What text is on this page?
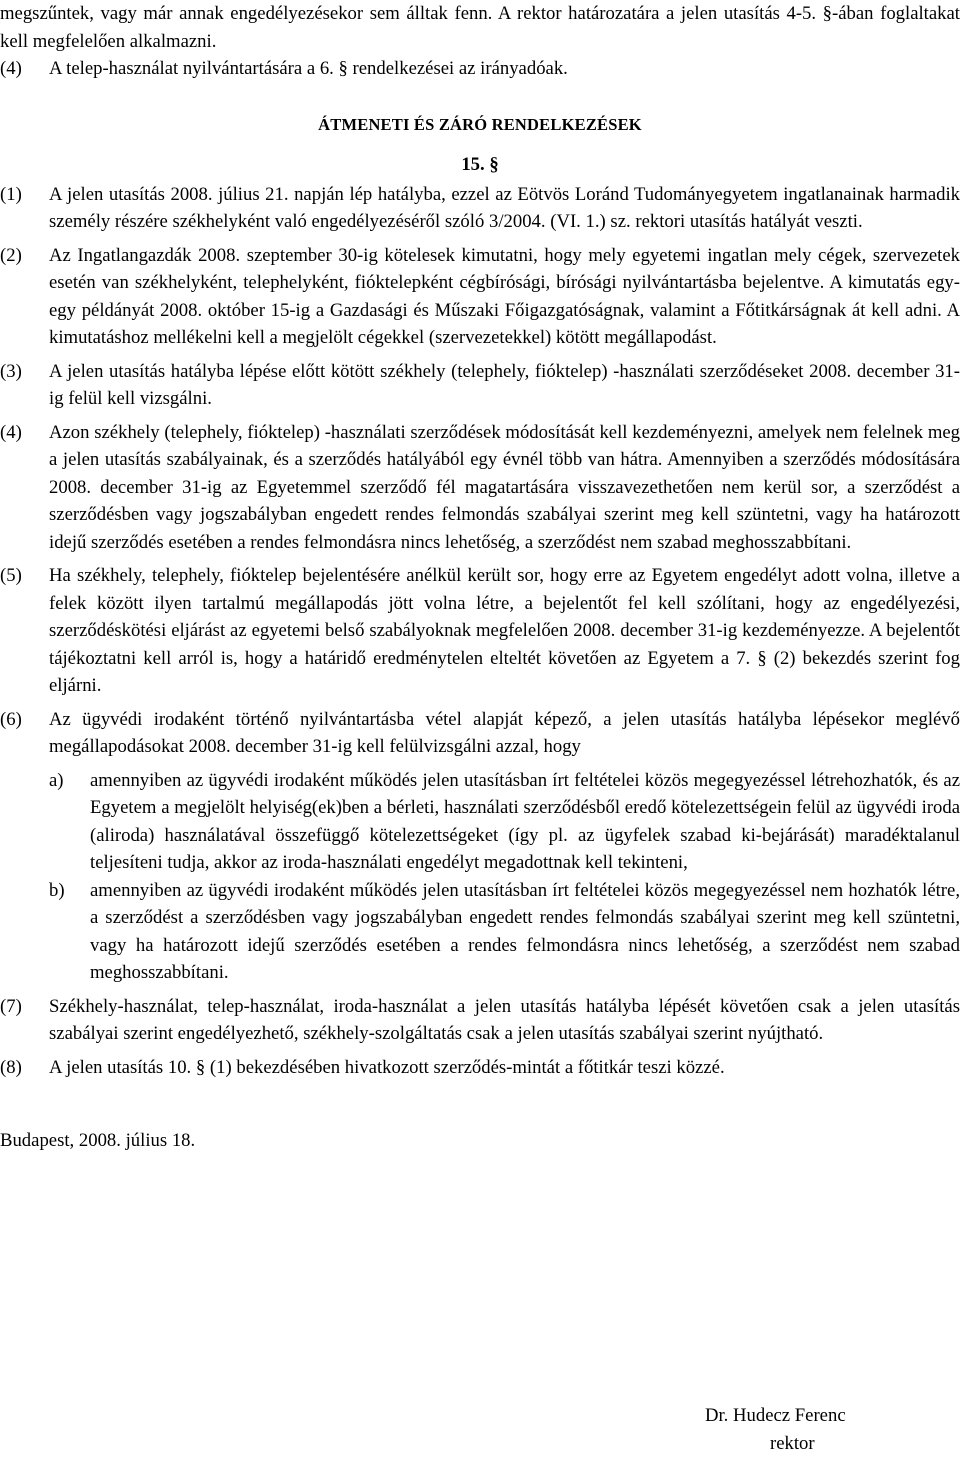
megszűntek, vagy már annak engedélyezésekor sem álltak fenn. A rektor határozatára a jelen utasítás 4-5. §-ában foglaltakat kell megfelelően alkalmazni.

(4) A telep-használat nyilvántartására a 6. § rendelkezései az irányadóak.
ÁTMENETI ÉS ZÁRÓ RENDELKEZÉSEK
15. §
(1) A jelen utasítás 2008. július 21. napján lép hatályba, ezzel az Eötvös Loránd Tudományegyetem ingatlanainak harmadik személy részére székhelyként való engedélyezéséről szóló 3/2004. (VI. 1.) sz. rektori utasítás hatályát veszti.
(2) Az Ingatlangazdák 2008. szeptember 30-ig kötelesek kimutatni, hogy mely egyetemi ingatlan mely cégek, szervezetek esetén van székhelyként, telephelyként, fióktelepként cégbírósági, bírósági nyilvántartásba bejelentve. A kimutatás egy-egy példányát 2008. október 15-ig a Gazdasági és Műszaki Főigazgatóságnak, valamint a Főtitkárságnak át kell adni. A kimutatáshoz mellékelni kell a megjelölt cégekkel (szervezetekkel) kötött megállapodást.
(3) A jelen utasítás hatályba lépése előtt kötött székhely (telephely, fióktelep) -használati szerződéseket 2008. december 31-ig felül kell vizsgálni.
(4) Azon székhely (telephely, fióktelep) -használati szerződések módosítását kell kezdeményezni, amelyek nem felelnek meg a jelen utasítás szabályainak, és a szerződés hatályából egy évnél több van hátra. Amennyiben a szerződés módosítására 2008. december 31-ig az Egyetemmel szerződő fél magatartására visszavezethetően nem kerül sor, a szerződést a szerződésben vagy jogszabályban engedett rendes felmondás szabályai szerint meg kell szüntetni, vagy ha határozott idejű szerződés esetében a rendes felmondásra nincs lehetőség, a szerződést nem szabad meghosszabbítani.
(5) Ha székhely, telephely, fióktelep bejelentésére anélkül került sor, hogy erre az Egyetem engedélyt adott volna, illetve a felek között ilyen tartalmú megállapodás jött volna létre, a bejelentőt fel kell szólítani, hogy az engedélyezési, szerződéskötési eljárást az egyetemi belső szabályoknak megfelelően 2008. december 31-ig kezdeményezze. A bejelentőt tájékoztatni kell arról is, hogy a határidő eredménytelen elteltét követően az Egyetem a 7. § (2) bekezdés szerint fog eljárni.
(6) Az ügyvédi irodaként történő nyilvántartásba vétel alapját képező, a jelen utasítás hatályba lépésekor meglévő megállapodásokat 2008. december 31-ig kell felülvizsgálni azzal, hogy
a) amennyiben az ügyvédi irodaként működés jelen utasításban írt feltételei közös megegyezéssel létrehozhatók, és az Egyetem a megjelölt helyiség(ek)ben a bérleti, használati szerződésből eredő kötelezettségein felül az ügyvédi iroda (aliroda) használatával összefüggő kötelezettségeket (így pl. az ügyfelek szabad ki-bejárását) maradéktalanul teljesíteni tudja, akkor az iroda-használati engedélyt megadottnak kell tekinteni,
b) amennyiben az ügyvédi irodaként működés jelen utasításban írt feltételei közös megegyezéssel nem hozhatók létre, a szerződést a szerződésben vagy jogszabályban engedett rendes felmondás szabályai szerint meg kell szüntetni, vagy ha határozott idejű szerződés esetében a rendes felmondásra nincs lehetőség, a szerződést nem szabad meghosszabbítani.
(7) Székhely-használat, telep-használat, iroda-használat a jelen utasítás hatályba lépését követően csak a jelen utasítás szabályai szerint engedélyezhető, székhely-szolgáltatás csak a jelen utasítás szabályai szerint nyújtható.
(8) A jelen utasítás 10. § (1) bekezdésében hivatkozott szerződés-mintát a főtitkár teszi közzé.

Budapest, 2008. július 18.

Dr. Hudecz Ferenc
rektor
